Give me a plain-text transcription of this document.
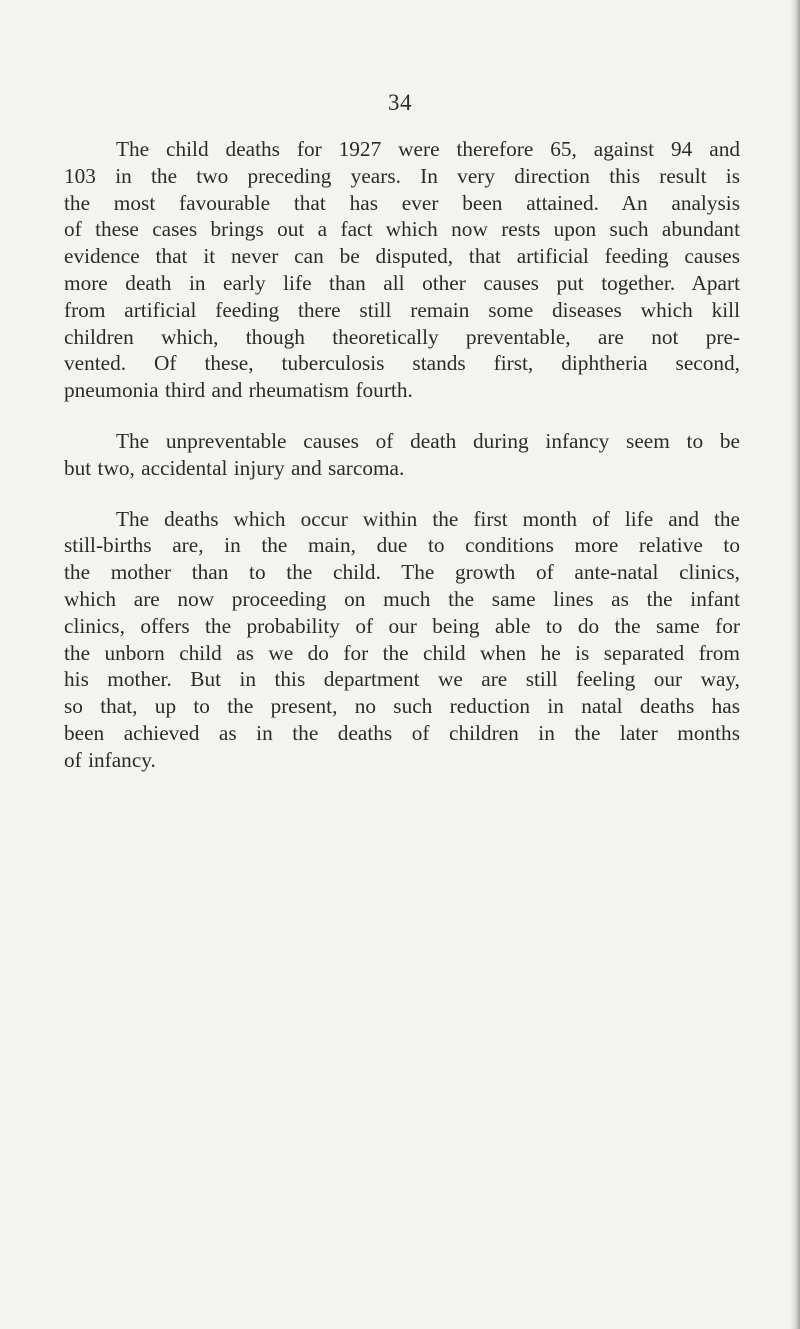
34
The child deaths for 1927 were therefore 65, against 94 and
103 in the two preceding years. In very direction this result is
the most favourable that has ever been attained. An analysis
of these cases brings out a fact which now rests upon such abundant
evidence that it never can be disputed, that artificial feeding causes
more death in early life than all other causes put together. Apart
from artificial feeding there still remain some diseases which kill
children which, though theoretically preventable, are not pre-
vented. Of these, tuberculosis stands first, diphtheria second,
pneumonia third and rheumatism fourth.
The unpreventable causes of death during infancy seem to be
but two, accidental injury and sarcoma.
The deaths which occur within the first month of life and the
still-births are, in the main, due to conditions more relative to
the mother than to the child. The growth of ante-natal clinics,
which are now proceeding on much the same lines as the infant
clinics, offers the probability of our being able to do the same for
the unborn child as we do for the child when he is separated from
his mother. But in this department we are still feeling our way,
so that, up to the present, no such reduction in natal deaths has
been achieved as in the deaths of children in the later months
of infancy.
